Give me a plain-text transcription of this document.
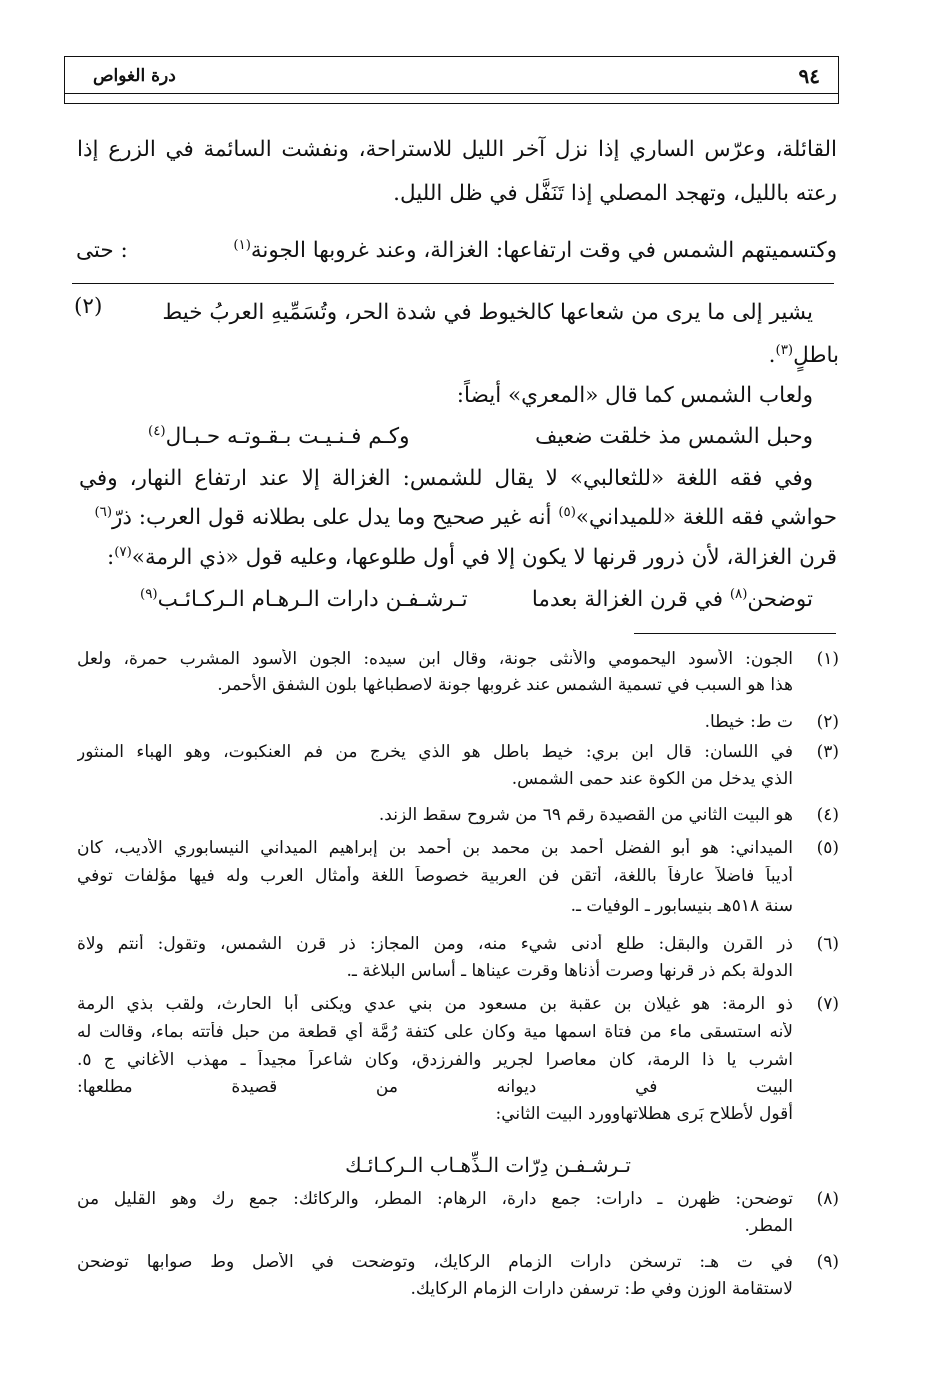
٩٤
درة الغواص
القائلة، وعرّس الساري إذا نزل آخر الليل للاستراحة، ونفشت السائمة في الزرع إذا
رعته بالليل، وتهجد المصلي إذا تَنَفَّل في ظل الليل.
وكتسميتهم الشمس في وقت ارتفاعها: الغزالة، وعند غروبها الجونة$^{(١)}$
: حتى
يشير إلى ما يرى من شعاعها كالخيوط في شدة الحر، وتُسَمِّيهِ العربُ خيط
(٢)
باطلٍ$^{(٣)}$.
ولعاب الشمس كما قال «المعري» أيضاً:
وحبل الشمس مذ خلقت ضعيف
وكـم فـنـيـت بـقـوتـه حـبـال$^{(٤)}$
وفي فقه اللغة «للثعالبي» لا يقال للشمس: الغزالة إلا عند ارتفاع النهار، وفي
حواشي فقه اللغة «للميداني»$^{(٥)}$ أنه غير صحيح وما يدل على بطلانه قول العرب: ذرّ$^{(٦)}$
قرن الغزالة، لأن ذرور قرنها لا يكون إلا في أول طلوعها، وعليه قول «ذي الرمة»$^{(٧)}$:
توضحن$^{(٨)}$ في قرن الغزالة بعدما
تـرشـفـن دارات الـرهـام الـركـائـب$^{(٩)}$
(١)
الجون: الأسود اليحمومي والأنثى جونة، وقال ابن سيده: الجون الأسود المشرب حمرة، ولعل
هذا هو السبب في تسمية الشمس عند غروبها جونة لاصطباغها بلون الشفق الأحمر.
(٢)
ت ط: خيطا.
(٣)
في اللسان: قال ابن بري: خيط باطل هو الذي يخرج من فم العنكبوت، وهو الهباء المنثور
الذي يدخل من الكوة عند حمى الشمس.
(٤)
هو البيت الثاني من القصيدة رقم ٦٩ من شروح سقط الزند.
(٥)
الميداني: هو أبو الفضل أحمد بن محمد بن أحمد بن إبراهيم الميداني النيسابوري الأديب، كان
أديباً فاضلاً عارفاً باللغة، أتقن فن العربية خصوصاً اللغة وأمثال العرب وله فيها مؤلفات توفي
سنة ٥١٨هـ بنيسابور ـ الوفيات ـ.
(٦)
ذر القرن والبقل: طلع أدنى شيء منه، ومن المجاز: ذر قرن الشمس، وتقول: أنتم ولاة
الدولة بكم ذر قرنها وصرت أذناها وقرت عيناها ـ أساس البلاغة ـ.
(٧)
ذو الرمة: هو غيلان بن عقبة بن مسعود من بني عدي ويكنى أبا الحارث، ولقب بذي الرمة
لأنه استسقى ماء من فتاة اسمها مية وكان على كتفة رُمَّة أي قطعة من حبل فأتته بماء، وقالت له
اشرب يا ذا الرمة، كان معاصرا لجرير والفرزدق، وكان شاعراً مجيداً ـ مهذب الأغاني ج ٥.
البيت في ديوانه من قصيدة مطلعها:
أقول لأطلاح بَرى هطلاتهاوورد البيت الثاني:
تـرشـفـن دِرّات الـذِّهـاب الـركـائـك
(٨)
توضحن: ظهرن ـ دارات: جمع دارة، الرهام: المطر، والركائك: جمع رك وهو القليل من
المطر.
(٩)
في ت هـ: ترسخن دارات الزمام الركايك، وتوضحت في الأصل وط صوابها توضحن
لاستقامة الوزن وفي ط: ترسفن دارات الزمام الركايك.
